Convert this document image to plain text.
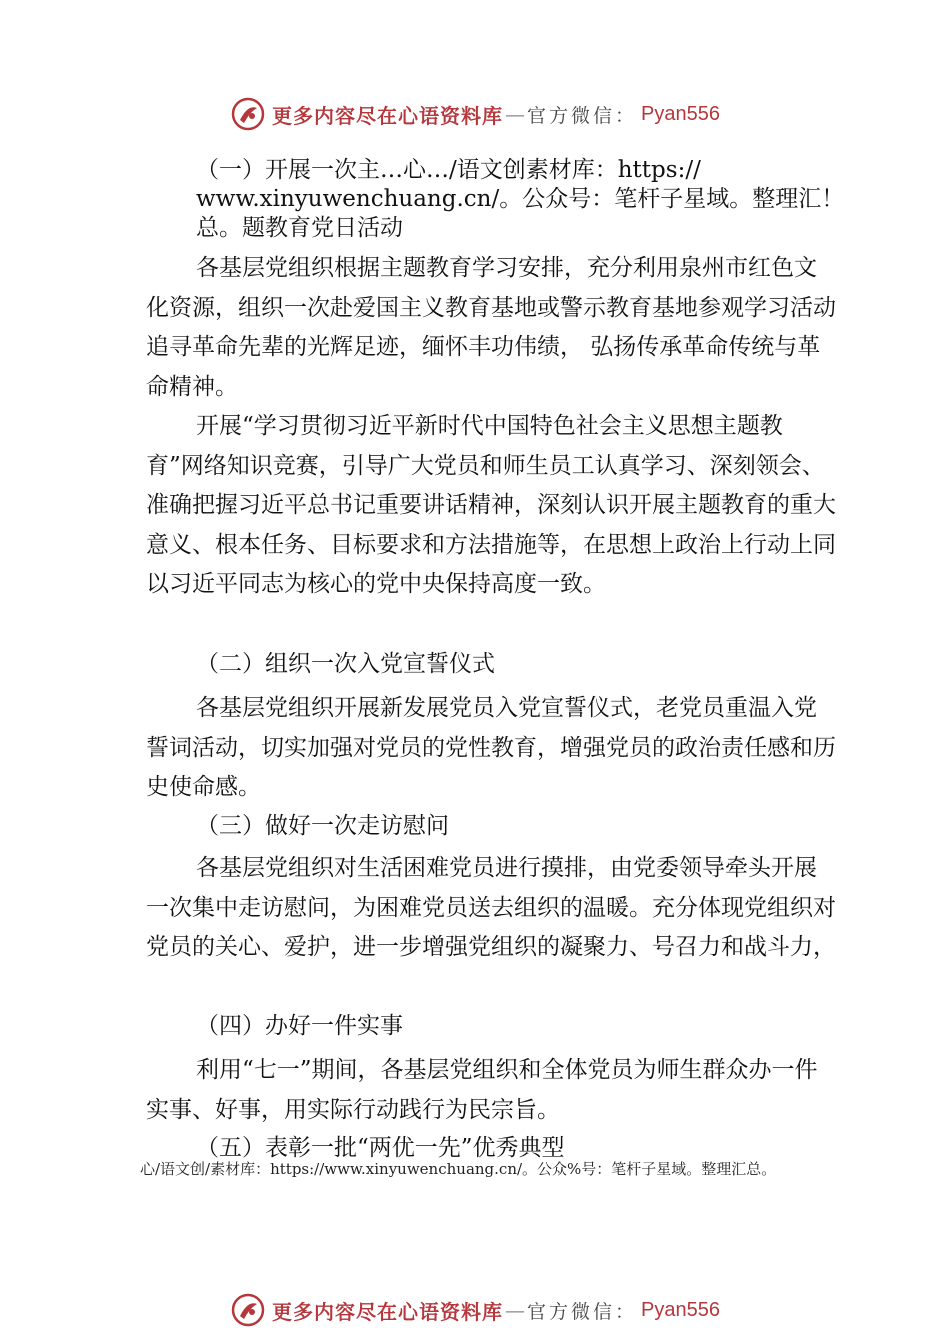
更多内容尽在心语资料库 — 官方微信： Pyan556

（一）开展一次主…心…/语文创素材库：https:// www.xinyuwenchuang.cn/。公众号：笔杆子星域。整理汇！总。题教育党日活动

各基层党组织根据主题教育学习安排，充分利用泉州市红色文化资源，组织一次赴爱国主义教育基地或警示教育基地参观学习活动追寻革命先辈的光辉足迹，缅怀丰功伟绩， 弘扬传承革命传统与革命精神。

开展“学习贯彻习近平新时代中国特色社会主义思想主题教育”网络知识竞赛，引导广大党员和师生员工认真学习、深刻领会、准确把握习近平总书记重要讲话精神，深刻认识开展主题教育的重大意义、根本任务、目标要求和方法措施等，在思想上政治上行动上同以习近平同志为核心的党中央保持高度一致。

（二）组织一次入党宣誓仪式

各基层党组织开展新发展党员入党宣誓仪式，老党员重温入党誓词活动，切实加强对党员的党性教育，增强党员的政治责任感和历史使命感。

（三）做好一次走访慰问

各基层党组织对生活困难党员进行摸排，由党委领导牵头开展一次集中走访慰问，为困难党员送去组织的温暖。充分体现党组织对党员的关心、爱护，进一步增强党组织的凝聚力、号召力和战斗力，

（四）办好一件实事

利用“七一”期间，各基层党组织和全体党员为师生群众办一件实事、好事，用实际行动践行为民宗旨。

（五）表彰一批“两优一先”优秀典型

心/语文创/素材库：https://www.xinyuwenchuang.cn/。公众%号：笔杆子星域。整理汇总。
更多内容尽在心语资料库 — 官方微信： Pyan556
